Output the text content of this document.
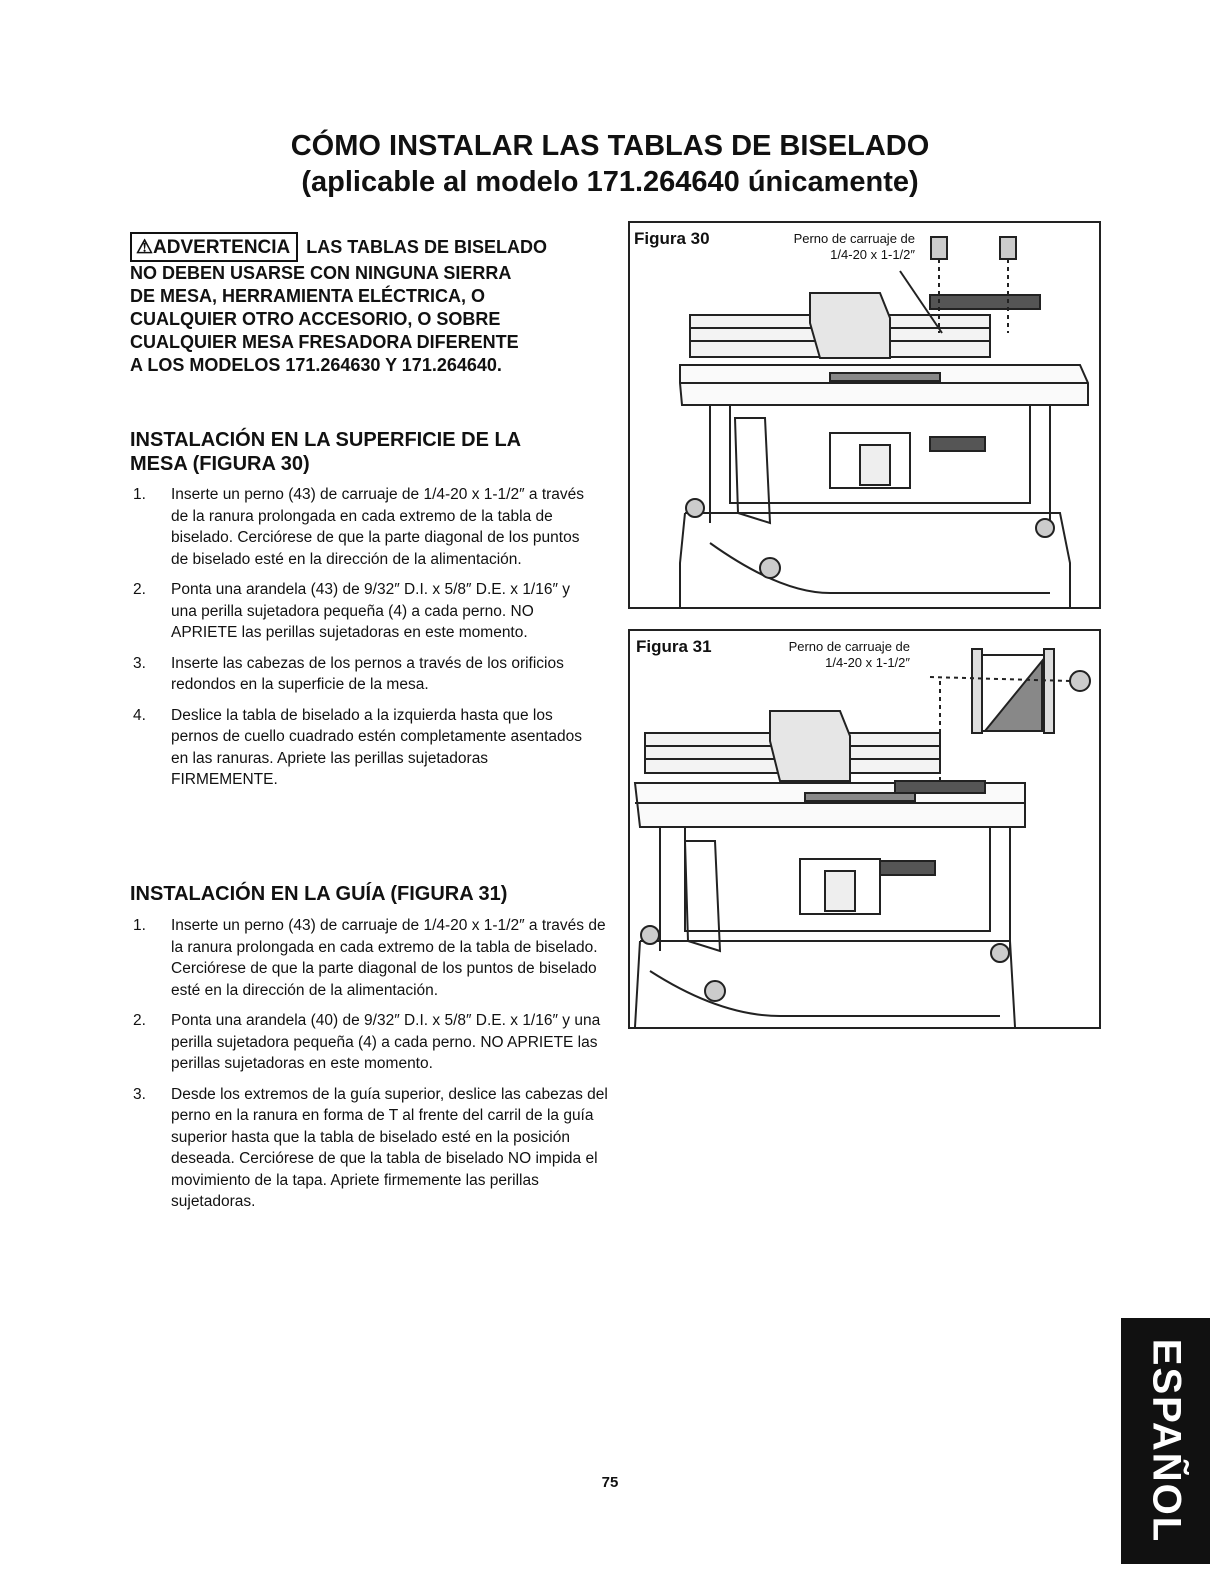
CÓMO INSTALAR LAS TABLAS DE BISELADO
(aplicable al modelo 171.264640 únicamente)
⚠ADVERTENCIA LAS TABLAS DE BISELADO
NO DEBEN USARSE CON NINGUNA SIERRA
DE MESA, HERRAMIENTA ELÉCTRICA, O
CUALQUIER OTRO ACCESORIO, O SOBRE
CUALQUIER MESA FRESADORA DIFERENTE
A LOS MODELOS 171.264630 Y 171.264640.
INSTALACIÓN EN LA SUPERFICIE DE LA MESA (FIGURA 30)
1. Inserte un perno (43) de carruaje de 1/4-20 x 1-1/2″ a través de la ranura prolongada en cada extremo de la tabla de biselado. Cerciórese de que la parte diagonal de los puntos de biselado esté en la dirección de la alimentación.
2. Ponta una arandela (43) de 9/32″ D.I. x 5/8″ D.E. x 1/16″ y una perilla sujetadora pequeña (4) a cada perno. NO APRIETE las perillas sujetadoras en este momento.
3. Inserte las cabezas de los pernos a través de los orificios redondos en la superficie de la mesa.
4. Deslice la tabla de biselado a la izquierda hasta que los pernos de cuello cuadrado estén completamente asentados en las ranuras. Apriete las perillas sujetadoras FIRMEMENTE.
INSTALACIÓN EN LA GUÍA (FIGURA 31)
1. Inserte un perno (43) de carruaje de 1/4-20 x 1-1/2″ a través de la ranura prolongada en cada extremo de la tabla de biselado. Cerciórese de que la parte diagonal de los puntos de biselado esté en la dirección de la alimentación.
2. Ponta una arandela (40) de 9/32″ D.I. x 5/8″ D.E. x 1/16″ y una perilla sujetadora pequeña (4) a cada perno. NO APRIETE las perillas sujetadoras en este momento.
3. Desde los extremos de la guía superior, deslice las cabezas del perno en la ranura en forma de T al frente del carril de la guía superior hasta que la tabla de biselado esté en la posición deseada. Cerciórese de que la tabla de biselado NO impida el movimiento de la tapa. Apriete firmemente las perillas sujetadoras.
Figura 30	Perno de carruaje de
1/4-20 x 1-1/2″
Figura 31	Perno de carruaje de
1/4-20 x 1-1/2″
75	ESPAÑOL
